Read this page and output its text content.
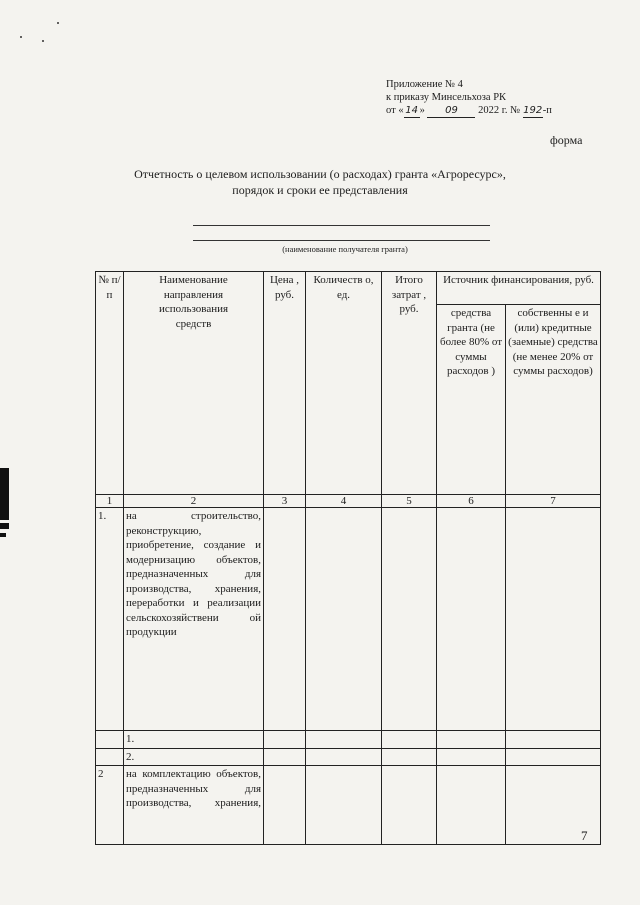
Приложение № 4
к приказу Минсельхоза РК
от « 14 » 09 2022 г. № 192-п
форма
Отчетность о целевом использовании (о расходах) гранта «Агроресурс»,
порядок и сроки ее представления
(наименование получателя гранта)
№ п/ п	Наименование направления использования средств	Цена , руб.	Количеств о, ед.	Итого затрат , руб.	Источник финансирования, руб.	
					средства гранта (не более 80% от суммы расходов )	собственны е и (или) кредитные (заемные) средства (не менее 20% от суммы расходов)
1	2	3	4	5	6	7
1.	на строительство, реконструкцию, приобретение, создание и модернизацию объектов, предназначенных для производства, хранения, переработки и реализации сельскохозяйствени ой продукции					
	1.					
	2.					
2	на комплектацию объектов, предназначенных для производства, хранения,					
7
